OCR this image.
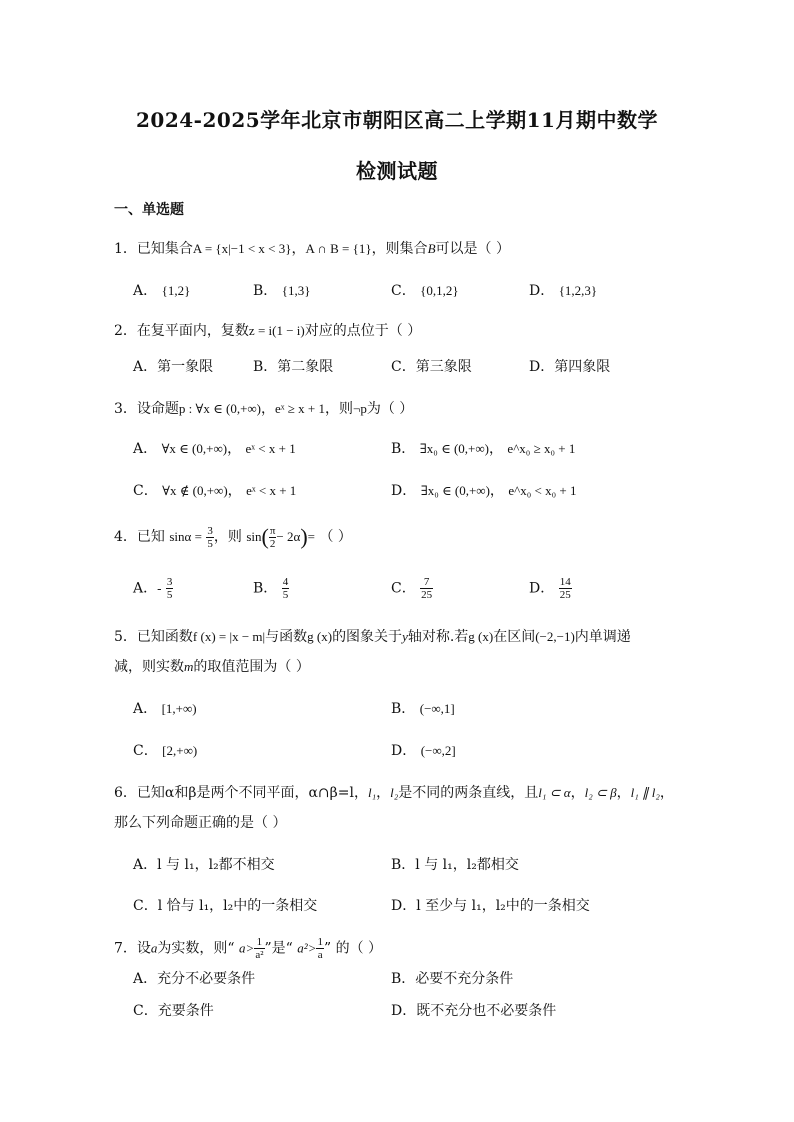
2024-2025学年北京市朝阳区高二上学期11月期中数学
检测试题
一、单选题
1．已知集合A = {x|−1 < x < 3}，A ∩ B = {1}，则集合B可以是（ ）
A． {1,2}	B． {1,3}	C． {0,1,2}	D． {1,2,3}
2．在复平面内，复数z = i(1 − i)对应的点位于（ ）
A．第一象限	B．第二象限	C．第三象限	D．第四象限
3．设命题p : ∀x ∈ (0,+∞)，eˣ ≥ x + 1，则¬p为（ ）
A． ∀x ∈ (0,+∞)， eˣ < x + 1	B． ∃x₀ ∈ (0,+∞)， e^x₀ ≥ x₀ + 1
C． ∀x ∉ (0,+∞)， eˣ < x + 1	D． ∃x₀ ∈ (0,+∞)， e^x₀ < x₀ + 1
4．已知 $\sin\alpha = \frac{3}{5}$ ，则 $\sin( \frac{\pi}{2} - 2\alpha)=$ （ ）
A．- $\frac{3}{5}$	B． $\frac{4}{5}$	C． $\frac{7}{25}$	D． $\frac{14}{25}$
5．已知函数f (x) = |x − m|与函数g (x)的图象关于y轴对称.若g (x)在区间(−2,−1)内单调递
减，则实数m的取值范围为（ ）
A． [1,+∞)	B． (−∞,1]
C． [2,+∞)	D． (−∞,2]
6．已知α和β是两个不同平面，α∩β=l，l₁，l₂是不同的两条直线，且l₁ ⊂ α，l₂ ⊂ β，l₁ ∥ l₂，
那么下列命题正确的是（ ）
A．l 与 l₁，l₂都不相交	B．l 与 l₁，l₂都相交
C．l 恰与 l₁，l₂中的一条相交	D．l 至少与 l₁，l₂中的一条相交
7．设a为实数，则“ $a> \frac{1}{\text{a²}}$ ”是“ $a^2> \frac{1}{a}$ ” 的（ ）
A．充分不必要条件	B．必要不充分条件
C．充要条件	D．既不充分也不必要条件
